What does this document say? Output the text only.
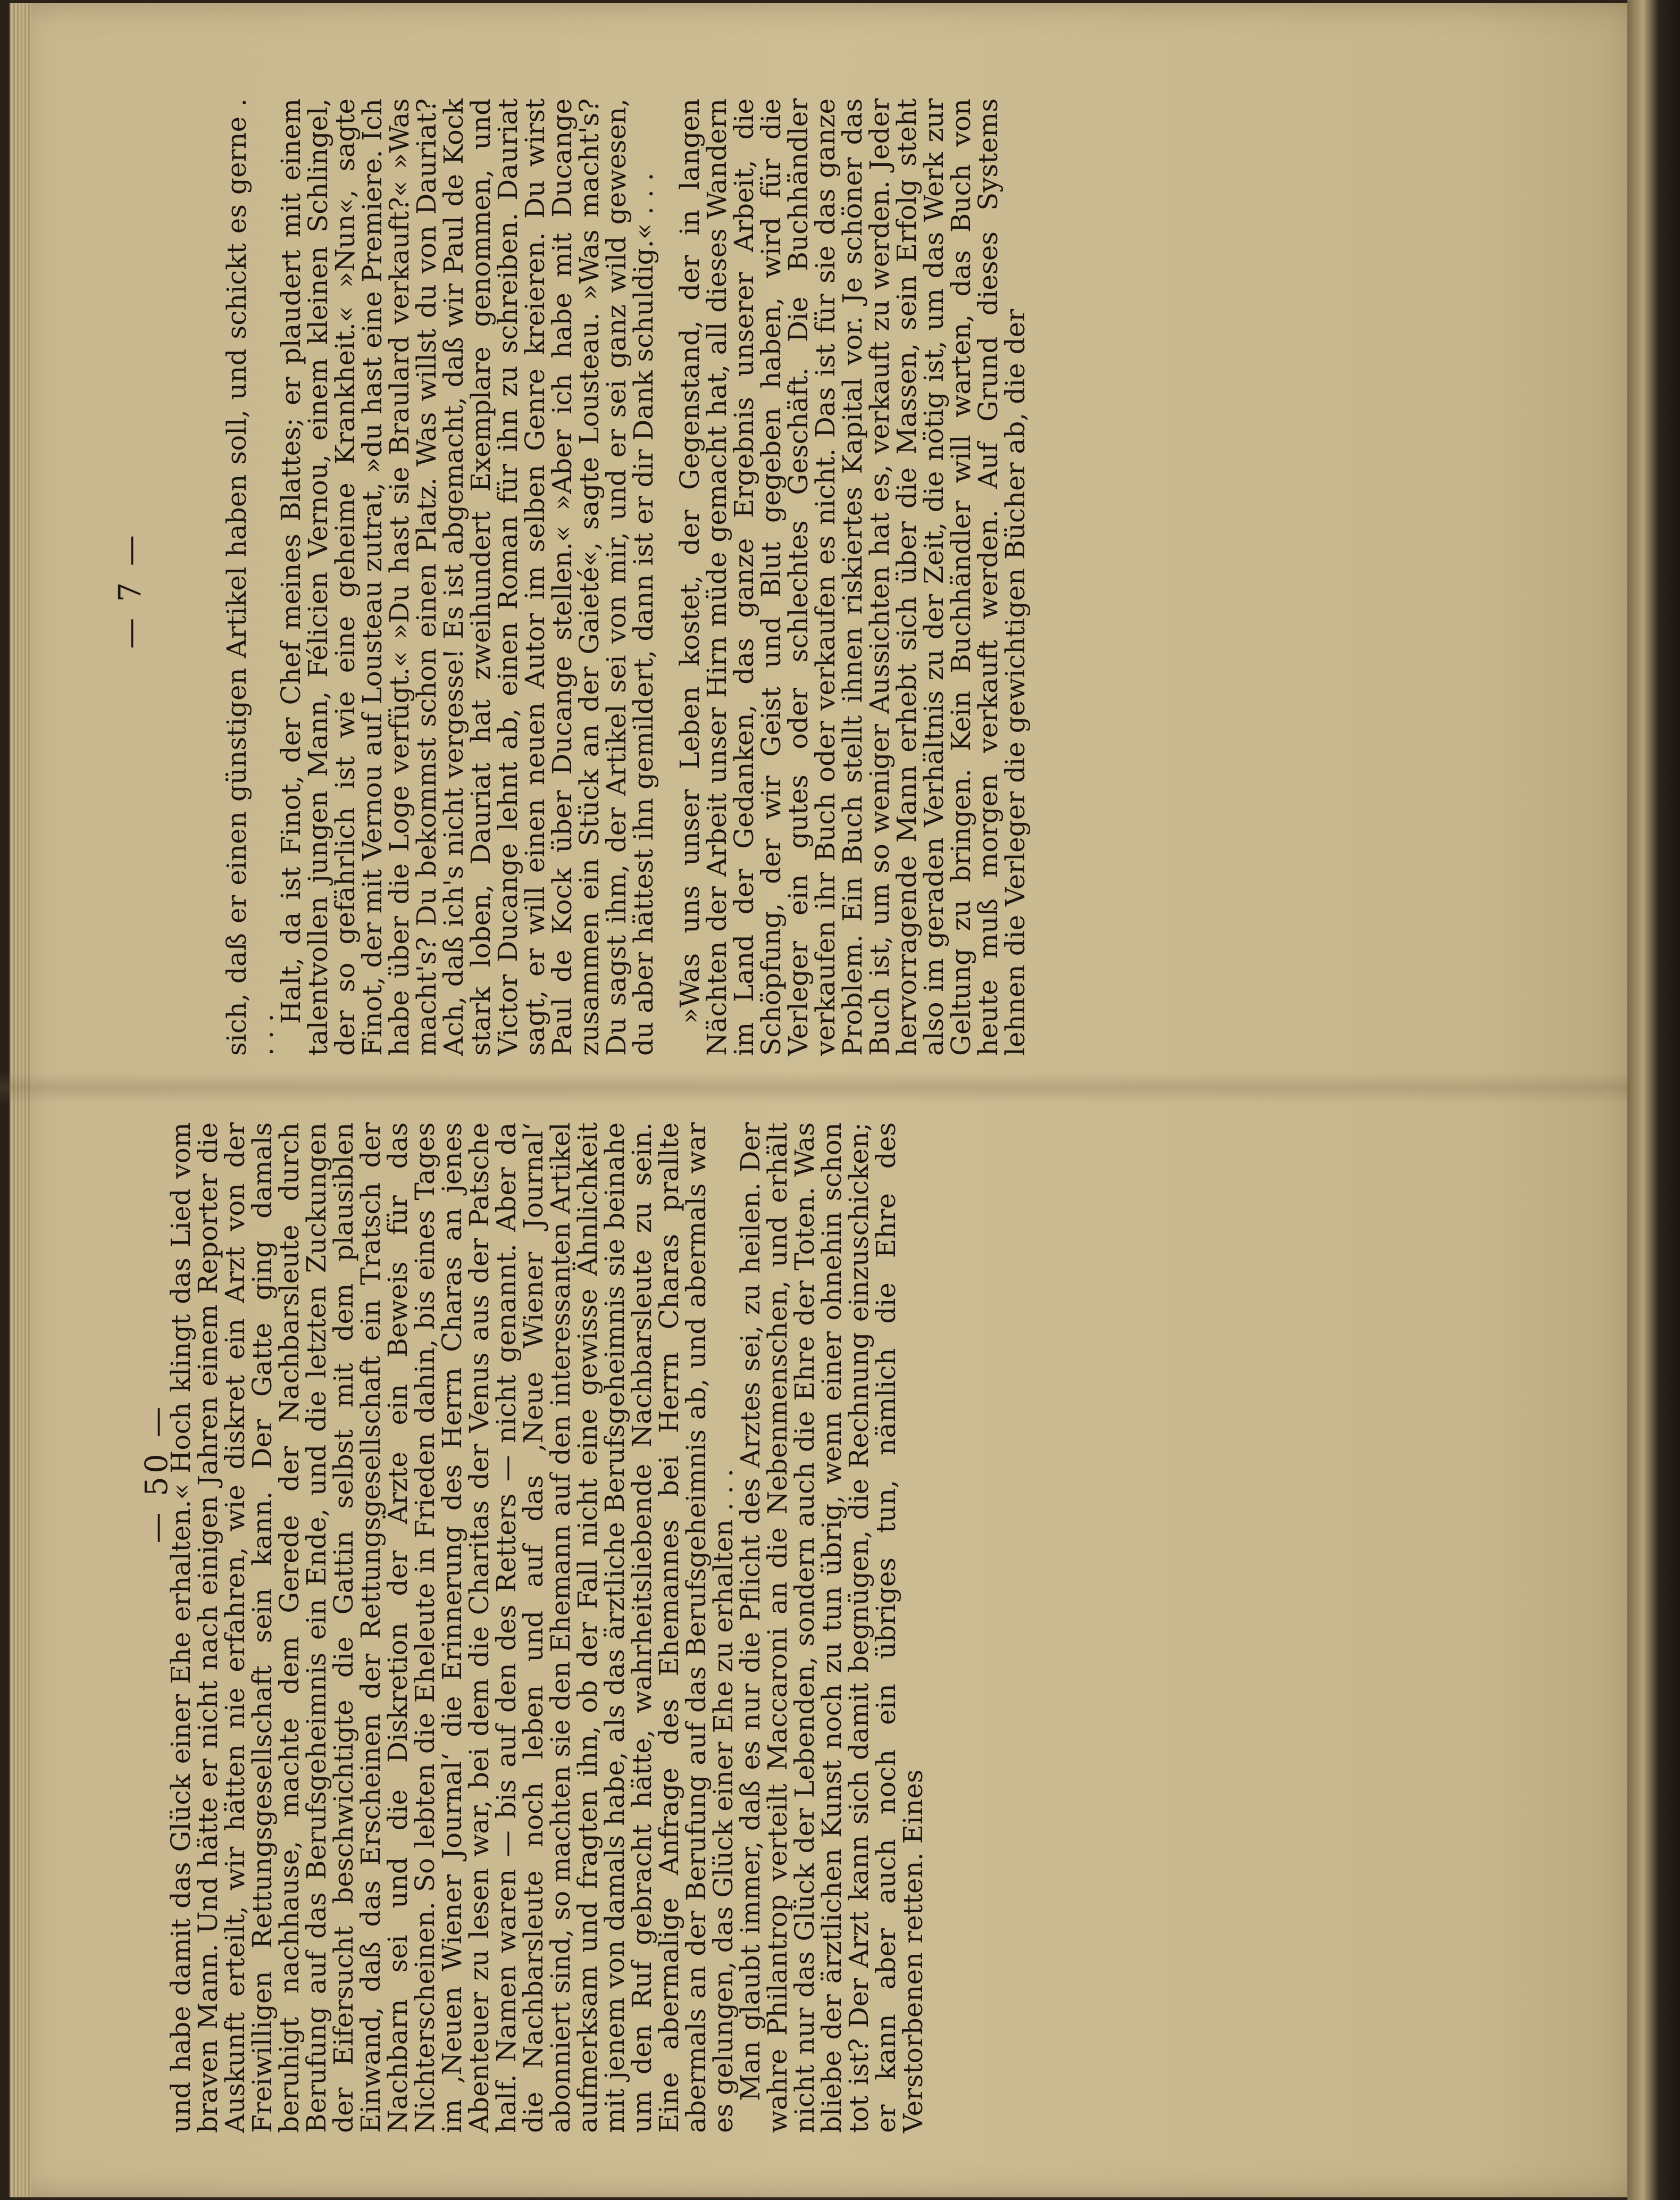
— 50 —

und habe damit das Glück einer Ehe erhalten.« Hoch klingt das Lied vom braven Mann. Und hätte er nicht nach einigen Jahren einem Reporter die Auskunft erteilt, wir hätten nie erfahren, wie diskret ein Arzt von der Freiwilligen Rettungsgesellschaft sein kann. Der Gatte ging damals beruhigt nachhause, machte dem Gerede der Nachbarsleute durch Berufung auf das Berufsgeheimnis ein Ende, und die letzten Zuckungen der Eifersucht beschwichtigte die Gattin selbst mit dem plausiblen Einwand, daß das Erscheinen der Rettungsgesellschaft ein Tratsch der Nachbarn sei und die Diskretion der Ärzte ein Beweis für das Nichterscheinen. So lebten die Eheleute in Frieden dahin, bis eines Tages im ‚Neuen Wiener Journal‘ die Erinnerung des Herrn Charas an jenes Abenteuer zu lesen war, bei dem die Charitas der Venus aus der Patsche half. Namen waren — bis auf den des Retters — nicht genannt. Aber da die Nachbarsleute noch leben und auf das ‚Neue Wiener Journal‘ abonniert sind, so machten sie den Ehemann auf den interessanten Artikel aufmerksam und fragten ihn, ob der Fall nicht eine gewisse Ähnlichkeit mit jenem von damals habe, als das ärztliche Berufsgeheimnis sie beinahe um den Ruf gebracht hätte, wahrheitsliebende Nachbarsleute zu sein. Eine abermalige Anfrage des Ehemannes bei Herrn Charas prallte abermals an der Berufung auf das Berufsgeheimnis ab, und abermals war es gelungen, das Glück einer Ehe zu erhalten . . .

Man glaubt immer, daß es nur die Pflicht des Arztes sei, zu heilen. Der wahre Philantrop verteilt Maccaroni an die Nebenmenschen, und erhält nicht nur das Glück der Lebenden, sondern auch die Ehre der Toten. Was bliebe der ärztlichen Kunst noch zu tun übrig, wenn einer ohnehin schon tot ist? Der Arzt kann sich damit begnügen, die Rechnung einzuschicken; er kann aber auch noch ein übriges tun, nämlich die Ehre des Verstorbenen retten. Eines

— 7 —	sich, daß er einen günstigen Artikel haben soll, und schickt es gerne . . . .

Halt, da ist Finot, der Chef meines Blattes; er plaudert mit einem talentvollen jungen Mann, Félicien Vernou, einem kleinen Schlingel, der so gefährlich ist wie eine geheime Krankheit.« »Nun«, sagte Finot, der mit Vernou auf Lousteau zutrat, »du hast eine Premiere. Ich habe über die Loge verfügt.« »Du hast sie Braulard verkauft?« »Was macht's? Du bekommst schon einen Platz. Was willst du von Dauriat? Ach, daß ich's nicht vergesse! Es ist abgemacht, daß wir Paul de Kock stark loben, Dauriat hat zweihundert Exemplare genommen, und Victor Ducange lehnt ab, einen Roman für ihn zu schreiben. Dauriat sagt, er will einen neuen Autor im selben Genre kreieren. Du wirst Paul de Kock über Ducange stellen.« »Aber ich habe mit Ducange zusammen ein Stück an der Gaieté«, sagte Lousteau. »Was macht's? Du sagst ihm, der Artikel sei von mir, und er sei ganz wild gewesen, du aber hättest ihn gemildert, dann ist er dir Dank schuldig.« . . . »Was uns unser Leben kostet, der Gegenstand, der in langen Nächten der Arbeit unser Hirn müde gemacht hat, all dieses Wandern im Land der Gedanken, das ganze Ergebnis unserer Arbeit, die Schöpfung, der wir Geist und Blut gegeben haben, wird für die Verleger ein gutes oder schlechtes Geschäft. Die Buchhändler verkaufen ihr Buch oder verkaufen es nicht. Das ist für sie das ganze Problem. Ein Buch stellt ihnen riskiertes Kapital vor. Je schöner das Buch ist, um so weniger Aussichten hat es, verkauft zu werden. Jeder hervorragende Mann erhebt sich über die Massen, sein Erfolg steht also im geraden Verhältnis zu der Zeit, die nötig ist, um das Werk zur Geltung zu bringen. Kein Buchhändler will warten, das Buch von heute muß morgen verkauft werden. Auf Grund dieses Systems lehnen die Verleger die gewichtigen Bücher ab, die der
